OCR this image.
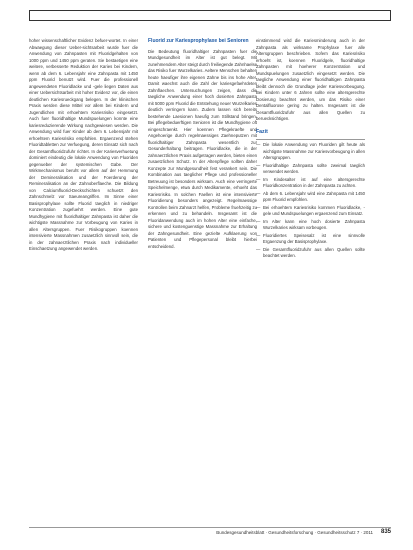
hoher wissenschaftlicher Evidenz befuer-wortet. In einer Abwaegung dieser Ueber-sichtsarbeit wurde fuer die Anwendung von Zahnpasten mit Fluoridgehalten von 1000 ppm und 1450 ppm geraten. Sie bestaetigen eine weitere, verbesserte Reduktion der Karies bei Kindern, wenn ab dem 6. Lebensjahr eine Zahnpasta mit 1450 ppm Fluorid benutzt wird. Fuer die professionell angewendeten Fluoridlacke und -gele liegen Daten aus einer Uebersichtsarbeit mit hoher Evidenz vor, die einen deutlichen Kariesrueckgang belegen. In der klinischen Praxis werden diese Mittel vor allem bei Kindern und Jugendlichen mit erhoehtem Kariesrisiko eingesetzt. Auch fuer fluoridhaltige Mundspuelungen konnte eine kariesreduzierende Wirkung nachgewiesen werden. Die Anwendung wird fuer Kinder ab dem 6. Lebensjahr mit erhoehtem Kariesrisiko empfohlen. Ergaenzend stehen Fluoridtabletten zur Verfuegung, deren Einsatz sich nach der Gesamtfluoridzufuhr richtet. In der Kariesverhuetung dominiert eindeutig die lokale Anwendung von Fluoriden gegenueber der systemischen Gabe. Der Wirkmechanismus beruht vor allem auf der Hemmung der Demineralisation und der Foerderung der Remineralisation an der Zahnoberflaeche. Die Bildung von Calciumfluorid-Deckschichten schuetzt den Zahnschmelz vor Saeureangriffen. Im Sinne einer Basisprophylaxe sollte Fluorid taeglich in niedriger Konzentration zugefuehrt werden. Eine gute Mundhygiene mit fluoridhaltiger Zahnpasta ist daher die wichtigste Massnahme zur Vorbeugung von Karies in allen Altersgruppen. Fuer Risikogruppen koennen intensivierte Massnahmen zusaetzlich sinnvoll sein, die in der zahnaerztlichen Praxis nach individueller Einschaetzung angewendet werden.

Fluorid zur Kariesprophylaxe bei Senioren

Die Bedeutung fluoridhaltiger Zahnpasten fuer die Mundgesundheit im Alter ist gut belegt. Mit zunehmendem Alter steigt durch freiliegende Zahnhaelse das Risiko fuer Wurzelkaries. Aeltere Menschen behalten heute haeufiger ihre eigenen Zahne bis ins hohe Alter. Damit waechst auch die Zahl der kariesgefaehrdeten Zahnflaechen. Untersuchungen zeigen, dass die taegliche Anwendung einer hoch dosierten Zahnpasta mit 5000 ppm Fluorid die Entstehung neuer Wurzelkaries deutlich verringern kann. Zudem lassen sich bereits bestehende Laesionen haeufig zum Stillstand bringen. Bei pflegebeduerftigen Senioren ist die Mundhygiene oft eingeschraenkt. Hier koennen Pflegekraefte und Angehoerige durch regelmaessiges Zaehneputzen mit fluoridhaltiger Zahnpasta wesentlich zur Gesunderhaltung beitragen. Fluoridlacke, die in der zahnaerztlichen Praxis aufgetragen werden, bieten einen zusaetzlichen Schutz. In der Altenpflege sollten daher Konzepte zur Mundgesundheit fest verankert sein. Die Kombination aus taeglicher Pflege und professioneller Betreuung ist besonders wirksam. Auch eine verringerte Speichelmenge, etwa durch Medikamente, erhoeht das Kariesrisiko. In solchen Faellen ist eine intensivierte Fluoridierung besonders angezeigt. Regelmaessige Kontrollen beim Zahnarzt helfen, Probleme fruehzeitig zu erkennen und zu behandeln. Insgesamt ist die Fluoridanwendung auch im hohen Alter eine einfache, sichere und kostenguenstige Massnahme zur Erhaltung der Zahngesundheit. Eine gezielte Aufklaerung von Patienten und Pflegepersonal bleibt hierbei entscheidend.

einstimmend wird die Kariesminderung auch in der Zahnpasta als wirksame Prophylaxe fuer alle Altersgruppen beschrieben. Sofern das Kariesrisiko erhoeht ist, koennen Fluoridgele, fluoridhaltige Zahnpasten mit hoeherer Konzentration und Mundspuelungen zusaetzlich eingesetzt werden. Die taegliche Anwendung einer fluoridhaltigen Zahnpasta bleibt dennoch die Grundlage jeder Kariesvorbeugung. Bei Kindern unter 6 Jahren sollte eine altersgerechte Dosierung beachtet werden, um das Risiko einer Dentalfluorose gering zu halten. Insgesamt ist die Gesamtfluoridzufuhr aus allen Quellen zu beruecksichtigen.

Fazit
— Die lokale Anwendung von Fluoriden gilt heute als wichtigste Massnahme zur Kariesvorbeugung in allen Altersgruppen.
— Fluoridhaltige Zahnpasta sollte zweimal taeglich verwendet werden.
— Im Kindesalter ist auf eine altersgerechte Fluoridkonzentration in der Zahnpasta zu achten.
— Ab dem 6. Lebensjahr wird eine Zahnpasta mit 1450 ppm Fluorid empfohlen.
— Bei erhoehtem Kariesrisiko kommen Fluoridlacke, -gele und Mundspuelungen ergaenzend zum Einsatz.
— Im Alter kann eine hoch dosierte Zahnpasta Wurzelkaries wirksam vorbeugen.
— Fluoridiertes Speisesalz ist eine sinnvolle Ergaenzung der Basisprophylaxe.
— Die Gesamtfluoridzufuhr aus allen Quellen sollte beachtet werden.
Bundesgesundheitsblatt · Gesundheitsforschung · Gesundheitsschutz 7 · 2011 835
